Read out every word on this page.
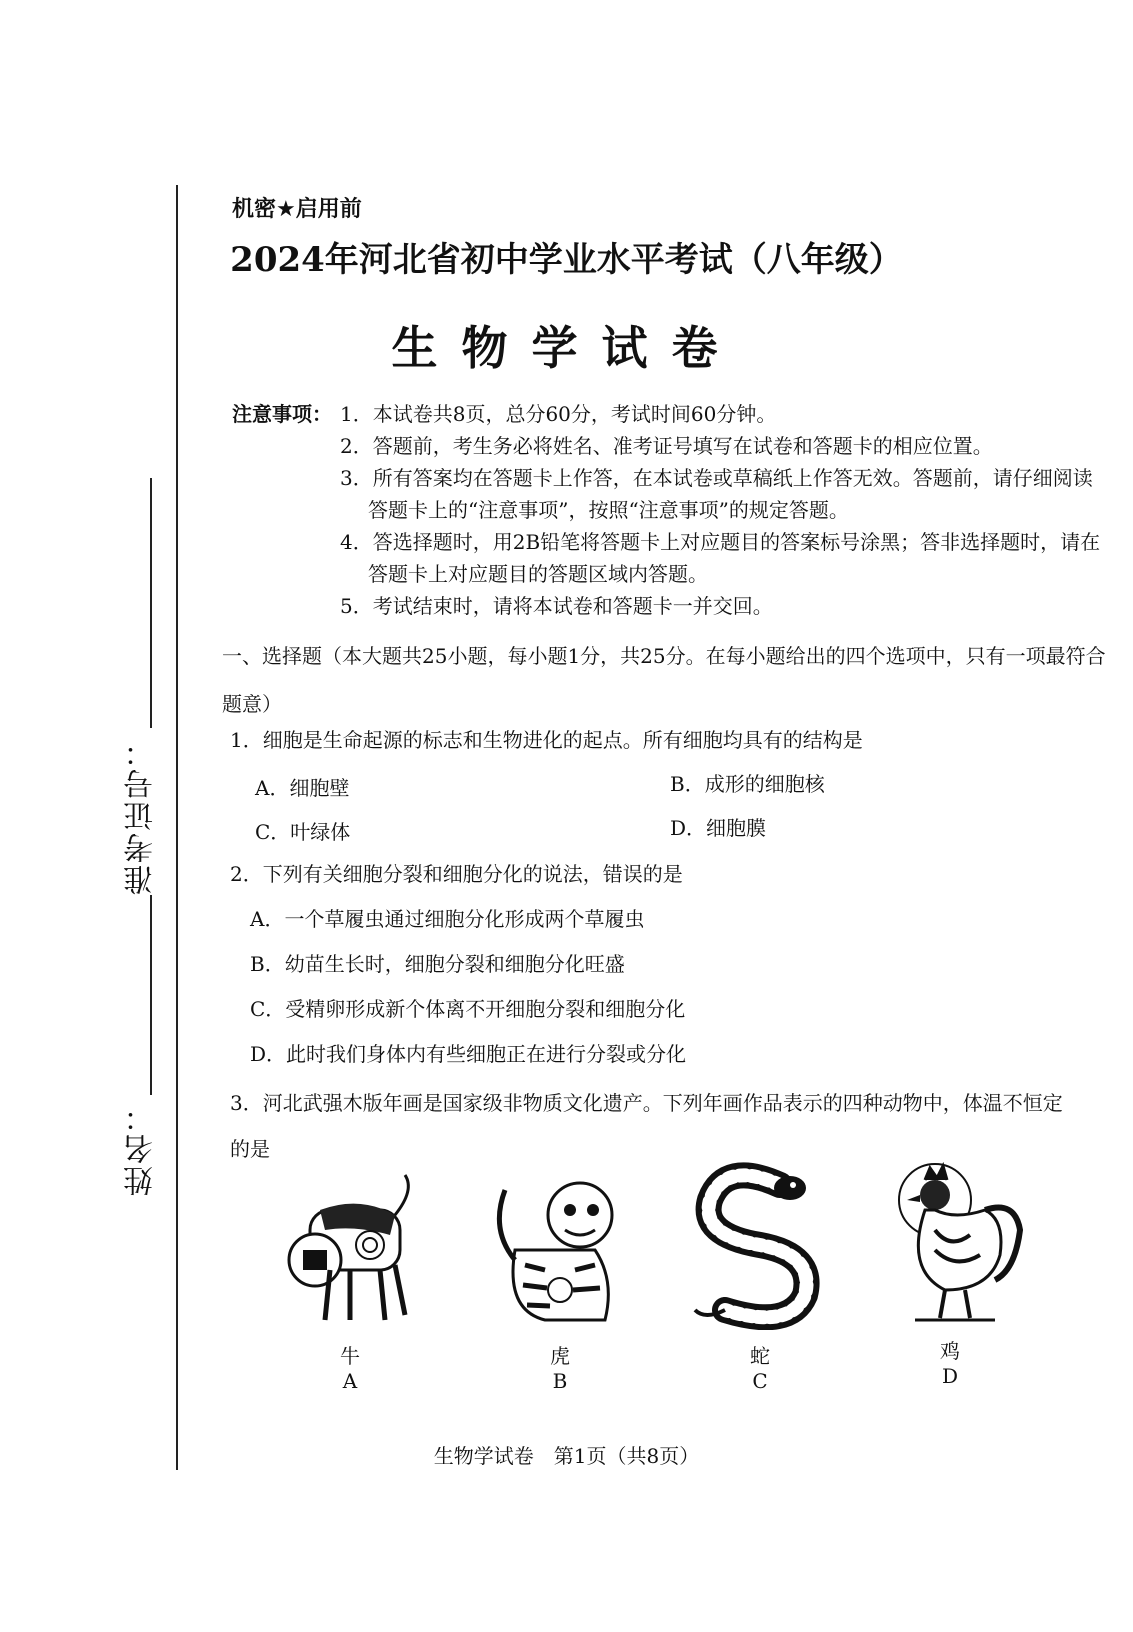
准考证号：
姓名：
机密★启用前
2024年河北省初中学业水平考试（八年级）
生物学试卷
注意事项： 1．本试卷共8页，总分60分，考试时间60分钟。
2．答题前，考生务必将姓名、准考证号填写在试卷和答题卡的相应位置。
3．所有答案均在答题卡上作答，在本试卷或草稿纸上作答无效。答题前，请仔细阅读答题卡上的“注意事项”，按照“注意事项”的规定答题。
4．答选择题时，用2B铅笔将答题卡上对应题目的答案标号涂黑；答非选择题时，请在答题卡上对应题目的答题区域内答题。
5．考试结束时，请将本试卷和答题卡一并交回。
一、选择题（本大题共25小题，每小题1分，共25分。在每小题给出的四个选项中，只有一项最符合题意）
1．细胞是生命起源的标志和生物进化的起点。所有细胞均具有的结构是
A．细胞壁	B．成形的细胞核
C．叶绿体	D．细胞膜
2．下列有关细胞分裂和细胞分化的说法，错误的是
A．一个草履虫通过细胞分化形成两个草履虫
B．幼苗生长时，细胞分裂和细胞分化旺盛
C．受精卵形成新个体离不开细胞分裂和细胞分化
D．此时我们身体内有些细胞正在进行分裂或分化
3．河北武强木版年画是国家级非物质文化遗产。下列年画作品表示的四种动物中，体温不恒定的是
牛
A
虎
B
蛇
C
鸡
D
生物学试卷　第1页（共8页）
